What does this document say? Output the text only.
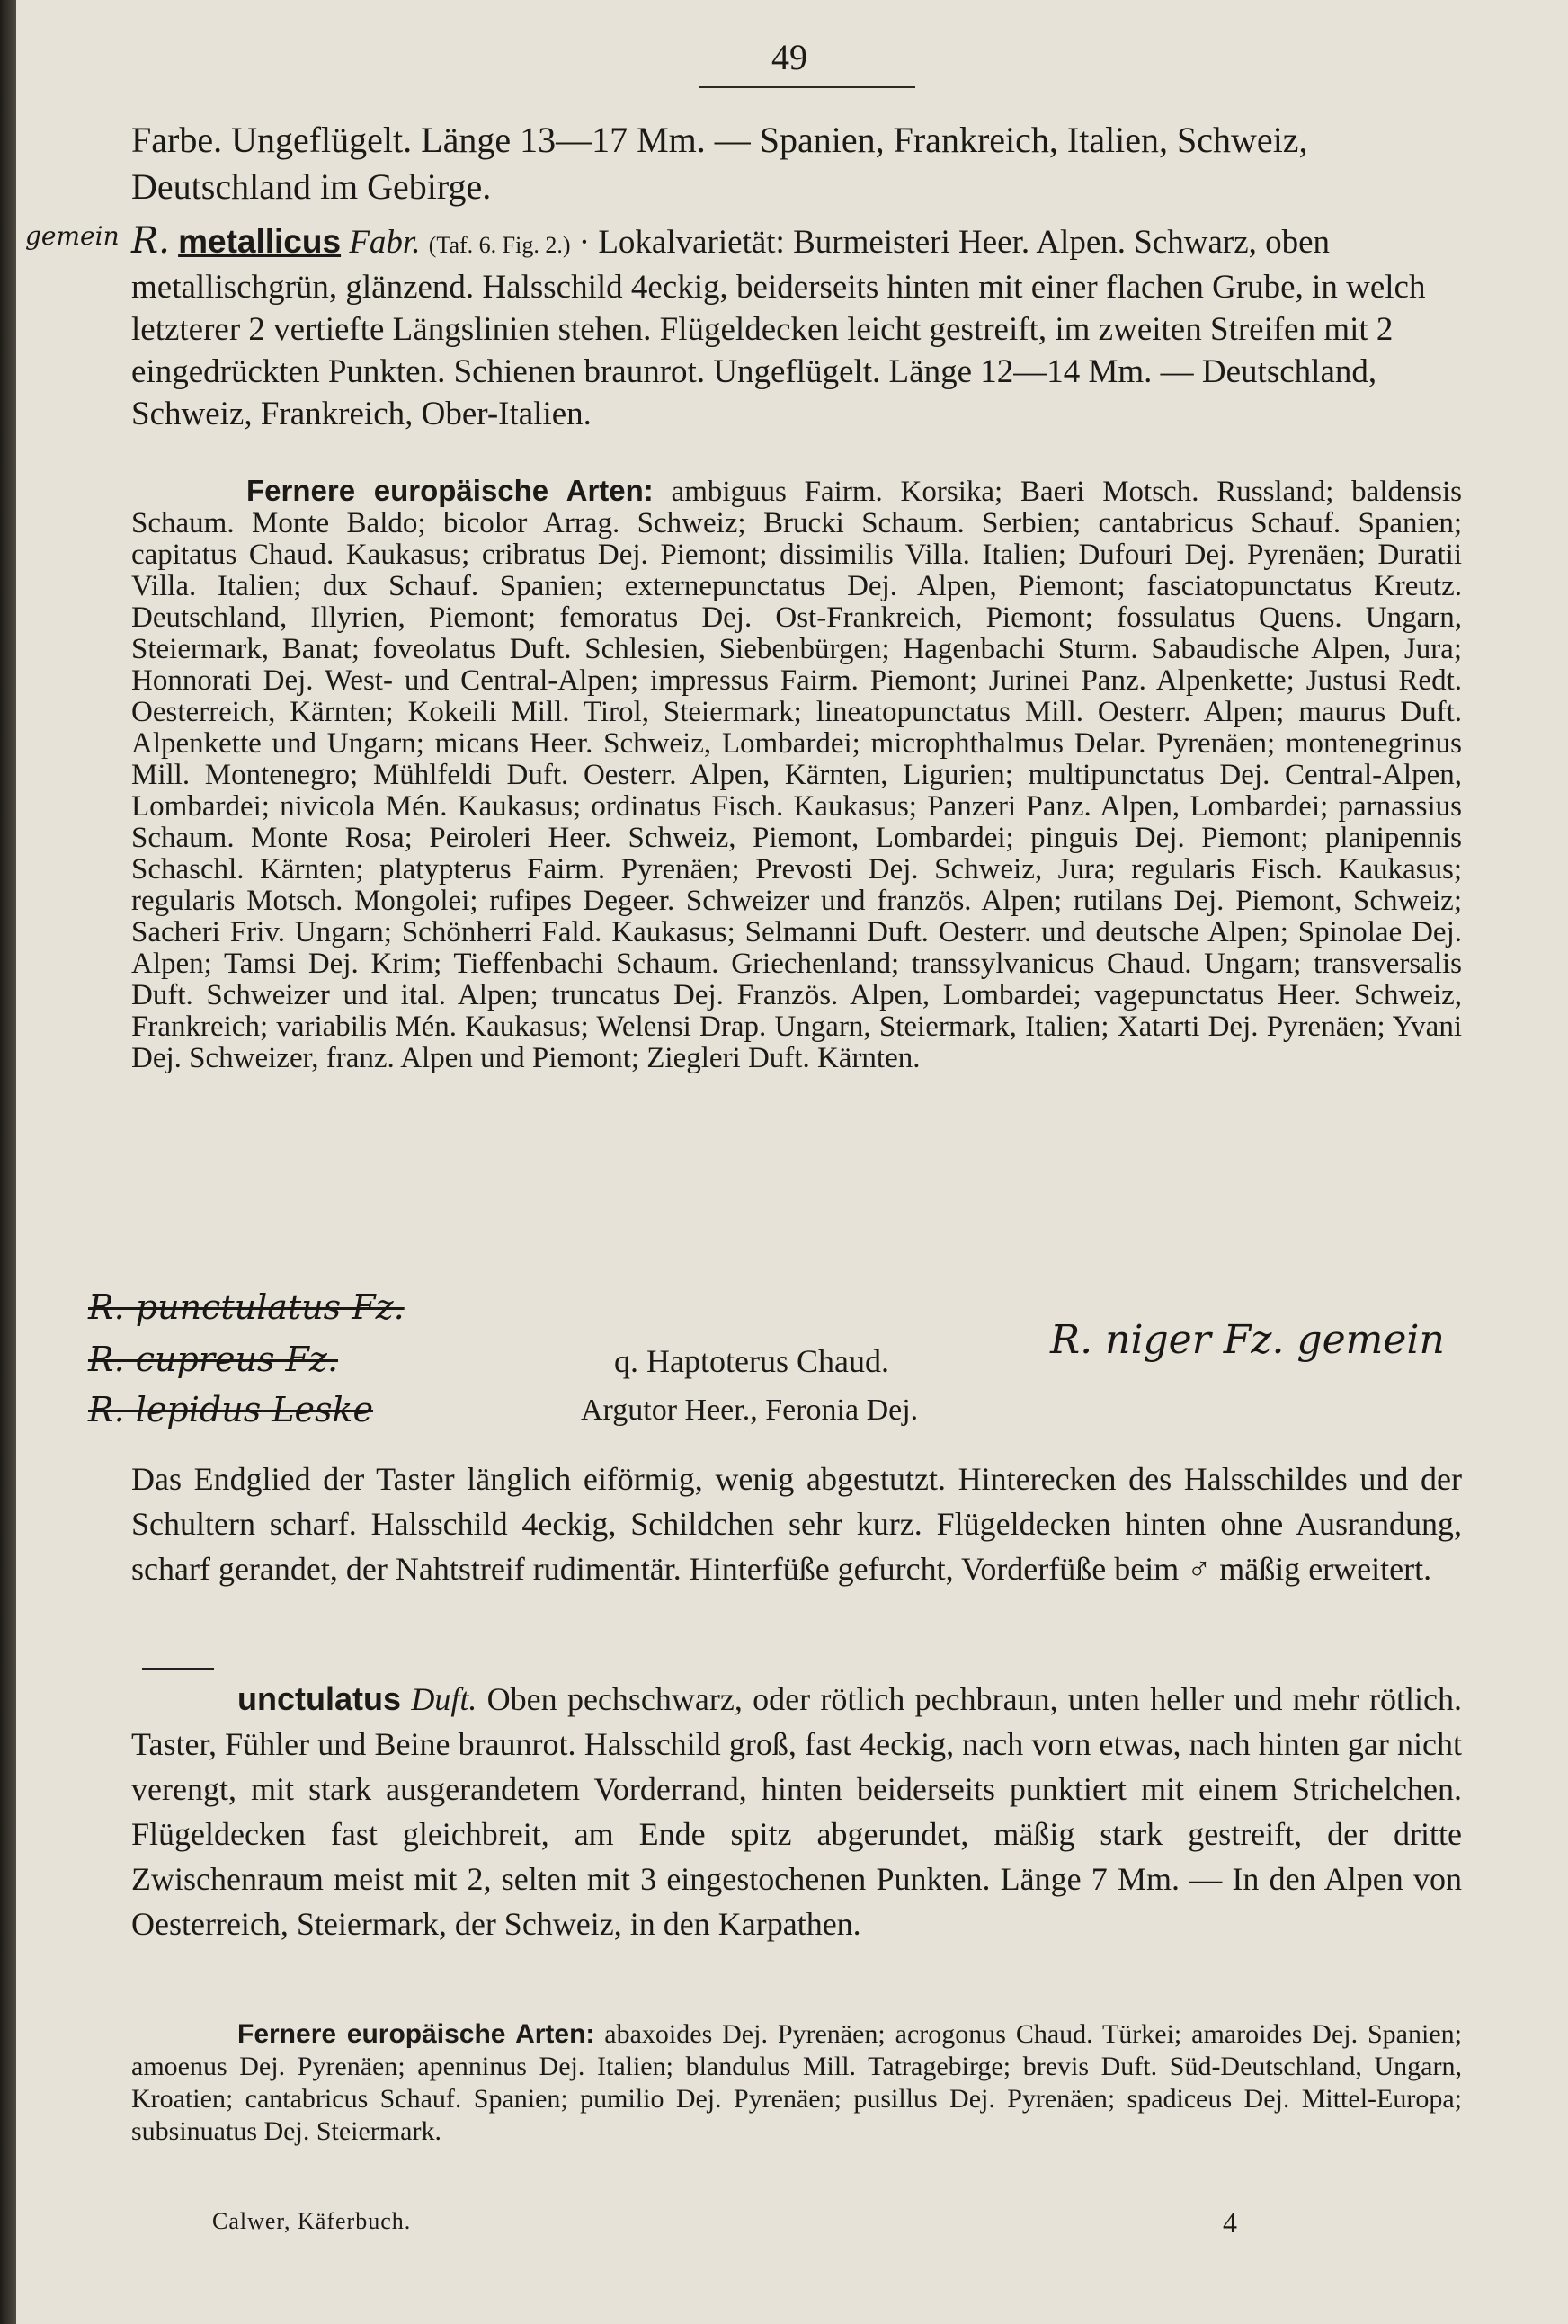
49
Farbe. Ungeflügelt. Länge 13—17 Mm. — Spanien, Frankreich, Italien, Schweiz, Deutschland im Gebirge.
gemein R. metallicus Fabr. (Taf. 6. Fig. 2.) · Lokalvarietät: Burmeisteri Heer. Alpen. Schwarz, oben metallischgrün, glänzend. Halsschild 4eckig, beiderseits hinten mit einer flachen Grube, in welch letzterer 2 vertiefte Längslinien stehen. Flügeldecken leicht gestreift, im zweiten Streifen mit 2 eingedrückten Punkten. Schienen braunrot. Ungeflügelt. Länge 12—14 Mm. — Deutschland, Schweiz, Frankreich, Ober-Italien.
Fernere europäische Arten: ambiguus Fairm. Korsika; Baeri Motsch. Russland; baldensis Schaum. Monte Baldo; bicolor Arrag. Schweiz; Brucki Schaum. Serbien; cantabricus Schauf. Spanien; capitatus Chaud. Kaukasus; cribratus Dej. Piemont; dissimilis Villa. Italien; Dufouri Dej. Pyrenäen; Duratii Villa. Italien; dux Schauf. Spanien; externepunctatus Dej. Alpen, Piemont; fasciatopunctatus Kreutz. Deutschland, Illyrien, Piemont; femoratus Dej. Ost-Frankreich, Piemont; fossulatus Quens. Ungarn, Steiermark, Banat; foveolatus Duft. Schlesien, Siebenbürgen; Hagenbachi Sturm. Sabaudische Alpen, Jura; Honnorati Dej. West- und Central-Alpen; impressus Fairm. Piemont; Jurinei Panz. Alpenkette; Justusi Redt. Oesterreich, Kärnten; Kokeili Mill. Tirol, Steiermark; lineatopunctatus Mill. Oesterr. Alpen; maurus Duft. Alpenkette und Ungarn; micans Heer. Schweiz, Lombardei; microphthalmus Delar. Pyrenäen; montenegrinus Mill. Montenegro; Mühlfeldi Duft. Oesterr. Alpen, Kärnten, Ligurien; multipunctatus Dej. Central-Alpen, Lombardei; nivicola Mén. Kaukasus; ordinatus Fisch. Kaukasus; Panzeri Panz. Alpen, Lombardei; parnassius Schaum. Monte Rosa; Peiroleri Heer. Schweiz, Piemont, Lombardei; pinguis Dej. Piemont; planipennis Schaschl. Kärnten; platypterus Fairm. Pyrenäen; Prevosti Dej. Schweiz, Jura; regularis Fisch. Kaukasus; regularis Motsch. Mongolei; rufipes Degeer. Schweizer und französ. Alpen; rutilans Dej. Piemont, Schweiz; Sacheri Friv. Ungarn; Schönherri Fald. Kaukasus; Selmanni Duft. Oesterr. und deutsche Alpen; Spinolae Dej. Alpen; Tamsi Dej. Krim; Tieffenbachi Schaum. Griechenland; transsylvanicus Chaud. Ungarn; transversalis Duft. Schweizer und ital. Alpen; truncatus Dej. Französ. Alpen, Lombardei; vagepunctatus Heer. Schweiz, Frankreich; variabilis Mén. Kaukasus; Welensi Drap. Ungarn, Steiermark, Italien; Xatarti Dej. Pyrenäen; Yvani Dej. Schweizer, franz. Alpen und Piemont; Ziegleri Duft. Kärnten.
R. punctulatus Fz.
R. cupreus Fz.
R. lepidus Leske
q. Haptoterus Chaud.
Argutor Heer., Feronia Dej.
R. niger Fz. gemein
Das Endglied der Taster länglich eiförmig, wenig abgestutzt. Hinterecken des Halsschildes und der Schultern scharf. Halsschild 4eckig, Schildchen sehr kurz. Flügeldecken hinten ohne Ausrandung, scharf gerandet, der Nahtstreif rudimentär. Hinterfüße gefurcht, Vorderfüße beim ♂ mäßig erweitert.
unctulatus Duft. Oben pechschwarz, oder rötlich pechbraun, unten heller und mehr rötlich. Taster, Fühler und Beine braunrot. Halsschild groß, fast 4eckig, nach vorn etwas, nach hinten gar nicht verengt, mit stark ausgerandetem Vorderrand, hinten beiderseits punktiert mit einem Strichelchen. Flügeldecken fast gleichbreit, am Ende spitz abgerundet, mäßig stark gestreift, der dritte Zwischenraum meist mit 2, selten mit 3 eingestochenen Punkten. Länge 7 Mm. — In den Alpen von Oesterreich, Steiermark, der Schweiz, in den Karpathen.
Fernere europäische Arten: abaxoides Dej. Pyrenäen; acrogonus Chaud. Türkei; amaroides Dej. Spanien; amoenus Dej. Pyrenäen; apenninus Dej. Italien; blandulus Mill. Tatragebirge; brevis Duft. Süd-Deutschland, Ungarn, Kroatien; cantabricus Schauf. Spanien; pumilio Dej. Pyrenäen; pusillus Dej. Pyrenäen; spadiceus Dej. Mittel-Europa; subsinuatus Dej. Steiermark.
Calwer, Käferbuch.	4
